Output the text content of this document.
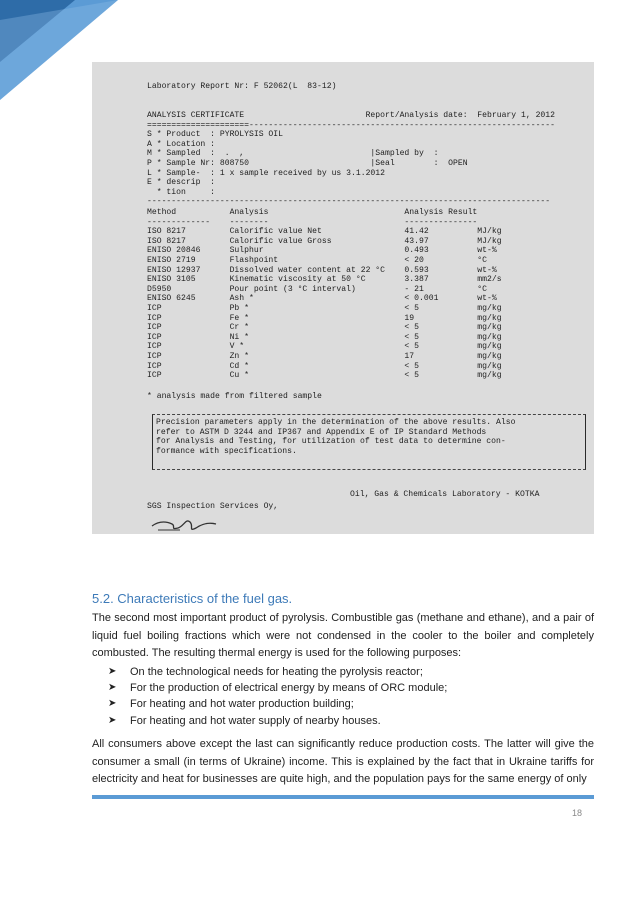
Laboratory Report Nr: F 52062(L  83-12)
ANALYSIS CERTIFICATE                         Report/Analysis date:  February 1, 2012
=====================---------------------------------------------------------------
S * Product  : PYROLYSIS OIL
A * Location :
M * Sampled  :  .  ,                          |Sampled by  :
P * Sample Nr: 808750                         |Seal        :  OPEN
L * Sample-  : 1 x sample received by us 3.1.2012
E * descrip  :
* tion     :
-----------------------------------------------------------------------------------
Method           Analysis                            Analysis Result
-------------    --------                            ---------------
ISO 8217         Calorific value Net                 41.42          MJ/kg
ISO 8217         Calorific value Gross               43.97          MJ/kg
ENISO 20846      Sulphur                             0.493          wt-%
ENISO 2719       Flashpoint                          < 20           °C
ENISO 12937      Dissolved water content at 22 °C    0.593          wt-%
ENISO 3105       Kinematic viscosity at 50 °C        3.387          mm2/s
D5950            Pour point (3 °C interval)          - 21           °C
ENISO 6245       Ash *                               < 0.001        wt-%
ICP              Pb *                                < 5            mg/kg
ICP              Fe *                                19             mg/kg
ICP              Cr *                                < 5            mg/kg
ICP              Ni *                                < 5            mg/kg
ICP              V *                                 < 5            mg/kg
ICP              Zn *                                17             mg/kg
ICP              Cd *                                < 5            mg/kg
ICP              Cu *                                < 5            mg/kg
* analysis made from filtered sample
Precision parameters apply in the determination of the above results. Also
refer to ASTM D 3244 and IP367 and Appendix E of IP Standard Methods
for Analysis and Testing, for utilization of test data to determine con-
formance with specifications.
Oil, Gas & Chemicals Laboratory - KOTKA
SGS Inspection Services Oy,
5.2. Characteristics of the fuel gas.
The second most important product of pyrolysis. Combustible gas (methane and ethane), and a pair of liquid fuel boiling fractions which were not condensed in the cooler to the boiler and completely combusted. The resulting thermal energy is used for the following purposes:
➤	On the technological needs for heating the pyrolysis reactor;
➤	For the production of electrical energy by means of ORC module;
➤	For heating and hot water production building;
➤	For heating and hot water supply of nearby houses.
All consumers above except the last can significantly reduce production costs. The latter will give the consumer a small (in terms of Ukraine) income. This is explained by the fact that in Ukraine tariffs for electricity and heat for businesses are quite high, and the population pays for the same energy of only
18
